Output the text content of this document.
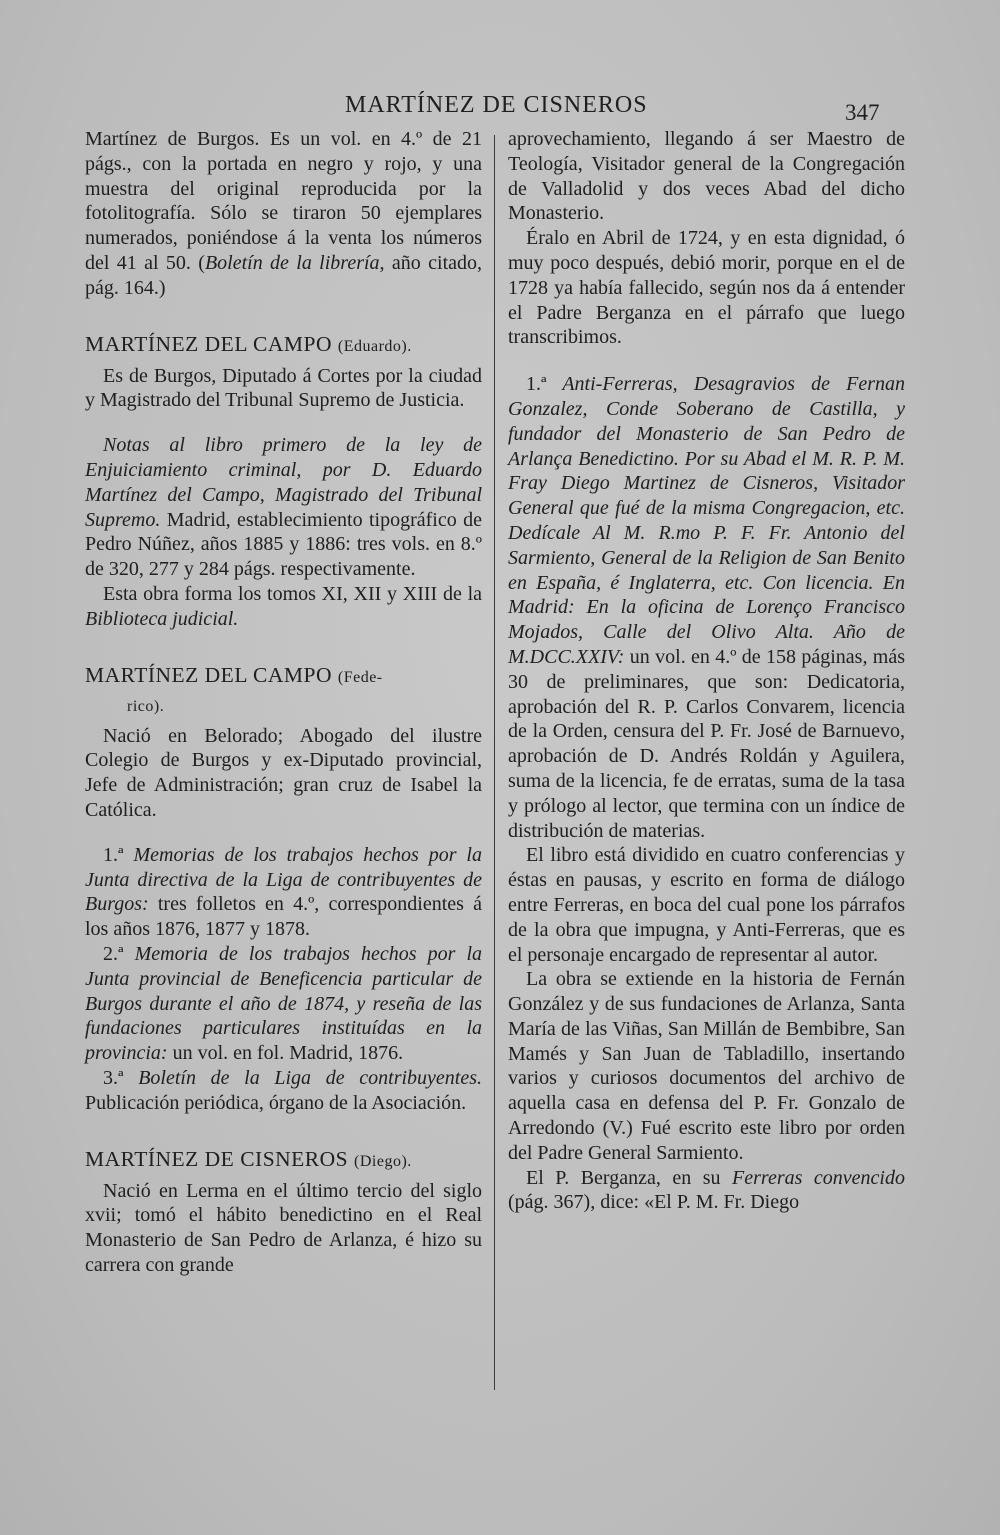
MARTÍNEZ DE CISNEROS	347

Martínez de Burgos. Es un vol. en 4.º de 21 págs., con la portada en negro y rojo, y una muestra del original reproducida por la fotolitografía. Sólo se tiraron 50 ejemplares numerados, poniéndose á la venta los números del 41 al 50. (Boletín de la librería, año citado, pág. 164.)

MARTÍNEZ DEL CAMPO (Eduardo).

Es de Burgos, Diputado á Cortes por la ciudad y Magistrado del Tribunal Supremo de Justicia.

Notas al libro primero de la ley de Enjuiciamiento criminal, por D. Eduardo Martínez del Campo, Magistrado del Tribunal Supremo. Madrid, establecimiento tipográfico de Pedro Núñez, años 1885 y 1886: tres vols. en 8.º de 320, 277 y 284 págs. respectivamente.

Esta obra forma los tomos XI, XII y XIII de la Biblioteca judicial.

MARTÍNEZ DEL CAMPO (Fede-
rico).

Nació en Belorado; Abogado del ilustre Colegio de Burgos y ex-Diputado provincial, Jefe de Administración; gran cruz de Isabel la Católica.

1.ª Memorias de los trabajos hechos por la Junta directiva de la Liga de contribuyentes de Burgos: tres folletos en 4.º, correspondientes á los años 1876, 1877 y 1878.

2.ª Memoria de los trabajos hechos por la Junta provincial de Beneficencia particular de Burgos durante el año de 1874, y reseña de las fundaciones particulares instituídas en la provincia: un vol. en fol. Madrid, 1876.

3.ª Boletín de la Liga de contribuyentes. Publicación periódica, órgano de la Asociación.

MARTÍNEZ DE CISNEROS (Diego).

Nació en Lerma en el último tercio del siglo xvii; tomó el hábito benedictino en el Real Monasterio de San Pedro de Arlanza, é hizo su carrera con grande

aprovechamiento, llegando á ser Maestro de Teología, Visitador general de la Congregación de Valladolid y dos veces Abad del dicho Monasterio.

Éralo en Abril de 1724, y en esta dignidad, ó muy poco después, debió morir, porque en el de 1728 ya había fallecido, según nos da á entender el Padre Berganza en el párrafo que luego transcribimos.

1.ª Anti-Ferreras, Desagravios de Fernan Gonzalez, Conde Soberano de Castilla, y fundador del Monasterio de San Pedro de Arlança Benedictino. Por su Abad el M. R. P. M. Fray Diego Martinez de Cisneros, Visitador General que fué de la misma Congregacion, etc. Dedícale Al M. R.mo P. F. Fr. Antonio del Sarmiento, General de la Religion de San Benito en España, é Inglaterra, etc. Con licencia. En Madrid: En la oficina de Lorenço Francisco Mojados, Calle del Olivo Alta. Año de M.DCC.XXIV: un vol. en 4.º de 158 páginas, más 30 de preliminares, que son: Dedicatoria, aprobación del R. P. Carlos Convarem, licencia de la Orden, censura del P. Fr. José de Barnuevo, aprobación de D. Andrés Roldán y Aguilera, suma de la licencia, fe de erratas, suma de la tasa y prólogo al lector, que termina con un índice de distribución de materias.

El libro está dividido en cuatro conferencias y éstas en pausas, y escrito en forma de diálogo entre Ferreras, en boca del cual pone los párrafos de la obra que impugna, y Anti-Ferreras, que es el personaje encargado de representar al autor.

La obra se extiende en la historia de Fernán González y de sus fundaciones de Arlanza, Santa María de las Viñas, San Millán de Bembibre, San Mamés y San Juan de Tabladillo, insertando varios y curiosos documentos del archivo de aquella casa en defensa del P. Fr. Gonzalo de Arredondo (V.) Fué escrito este libro por orden del Padre General Sarmiento.

El P. Berganza, en su Ferreras convencido (pág. 367), dice: «El P. M. Fr. Diego
